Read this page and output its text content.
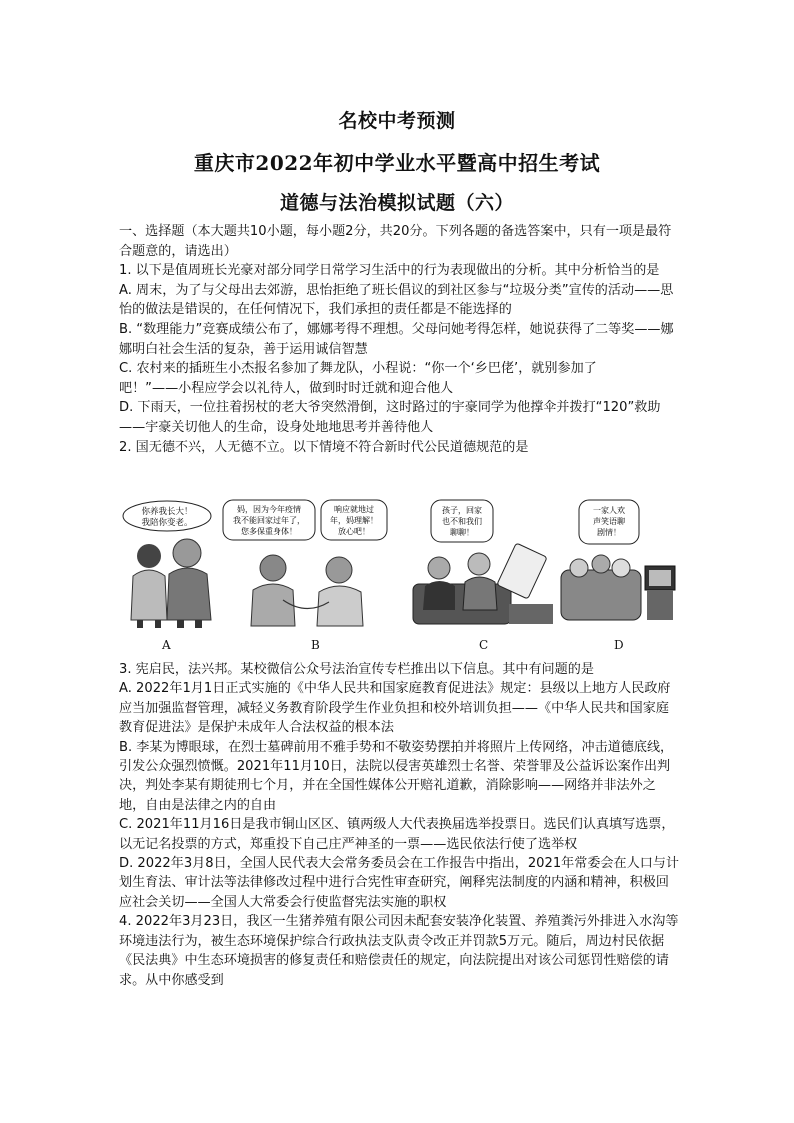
名校中考预测
重庆市2022年初中学业水平暨高中招生考试
道德与法治模拟试题（六）

一、选择题（本大题共10小题，每小题2分，共20分。下列各题的备选答案中，只有一项是最符合题意的，请选出）

1. 以下是值周班长光豪对部分同学日常学习生活中的行为表现做出的分析。其中分析恰当的是

A. 周末，为了与父母出去郊游，思怡拒绝了班长倡议的到社区参与“垃圾分类”宣传的活动——思怡的做法是错误的，在任何情况下，我们承担的责任都是不能选择的

B. “数理能力”竞赛成绩公布了，娜娜考得不理想。父母问她考得怎样，她说获得了二等奖——娜娜明白社会生活的复杂，善于运用诚信智慧

C. 农村来的插班生小杰报名参加了舞龙队，小程说：“你一个‘乡巴佬’，就别参加了

吧！”——小程应学会以礼待人，做到时时迁就和迎合他人

D. 下雨天，一位拄着拐杖的老大爷突然滑倒，这时路过的宇豪同学为他撑伞并拨打“120”救助——宇豪关切他人的生命，设身处地地思考并善待他人

2. 国无德不兴，人无德不立。以下情境不符合新时代公民道德规范的是

你养我长大！
我陪你变老。
妈，因为今年疫情
我不能回家过年了，
您多保重身体！
响应就地过
年，妈理解！
放心吧！
孩子，回家
也不和我们
聊聊！
一家人欢
声笑语聊
剧情！
A	B	C	D

3. 宪启民，法兴邦。某校微信公众号法治宣传专栏推出以下信息。其中有问题的是

A. 2022年1月1日正式实施的《中华人民共和国家庭教育促进法》规定：县级以上地方人民政府应当加强监督管理，减轻义务教育阶段学生作业负担和校外培训负担——《中华人民共和国家庭教育促进法》是保护未成年人合法权益的根本法

B. 李某为博眼球，在烈士墓碑前用不雅手势和不敬姿势摆拍并将照片上传网络，冲击道德底线，引发公众强烈愤慨。2021年11月10日，法院以侵害英雄烈士名誉、荣誉罪及公益诉讼案作出判决，判处李某有期徒刑七个月，并在全国性媒体公开赔礼道歉，消除影响——网络并非法外之地，自由是法律之内的自由

C. 2021年11月16日是我市铜山区区、镇两级人大代表换届选举投票日。选民们认真填写选票，以无记名投票的方式，郑重投下自己庄严神圣的一票——选民依法行使了选举权

D. 2022年3月8日，全国人民代表大会常务委员会在工作报告中指出，2021年常委会在人口与计划生育法、审计法等法律修改过程中进行合宪性审查研究，阐释宪法制度的内涵和精神，积极回应社会关切——全国人大常委会行使监督宪法实施的职权

4. 2022年3月23日，我区一生猪养殖有限公司因未配套安装净化装置、养殖粪污外排进入水沟等环境违法行为，被生态环境保护综合行政执法支队责令改正并罚款5万元。随后，周边村民依据《民法典》中生态环境损害的修复责任和赔偿责任的规定，向法院提出对该公司惩罚性赔偿的请求。从中你感受到
